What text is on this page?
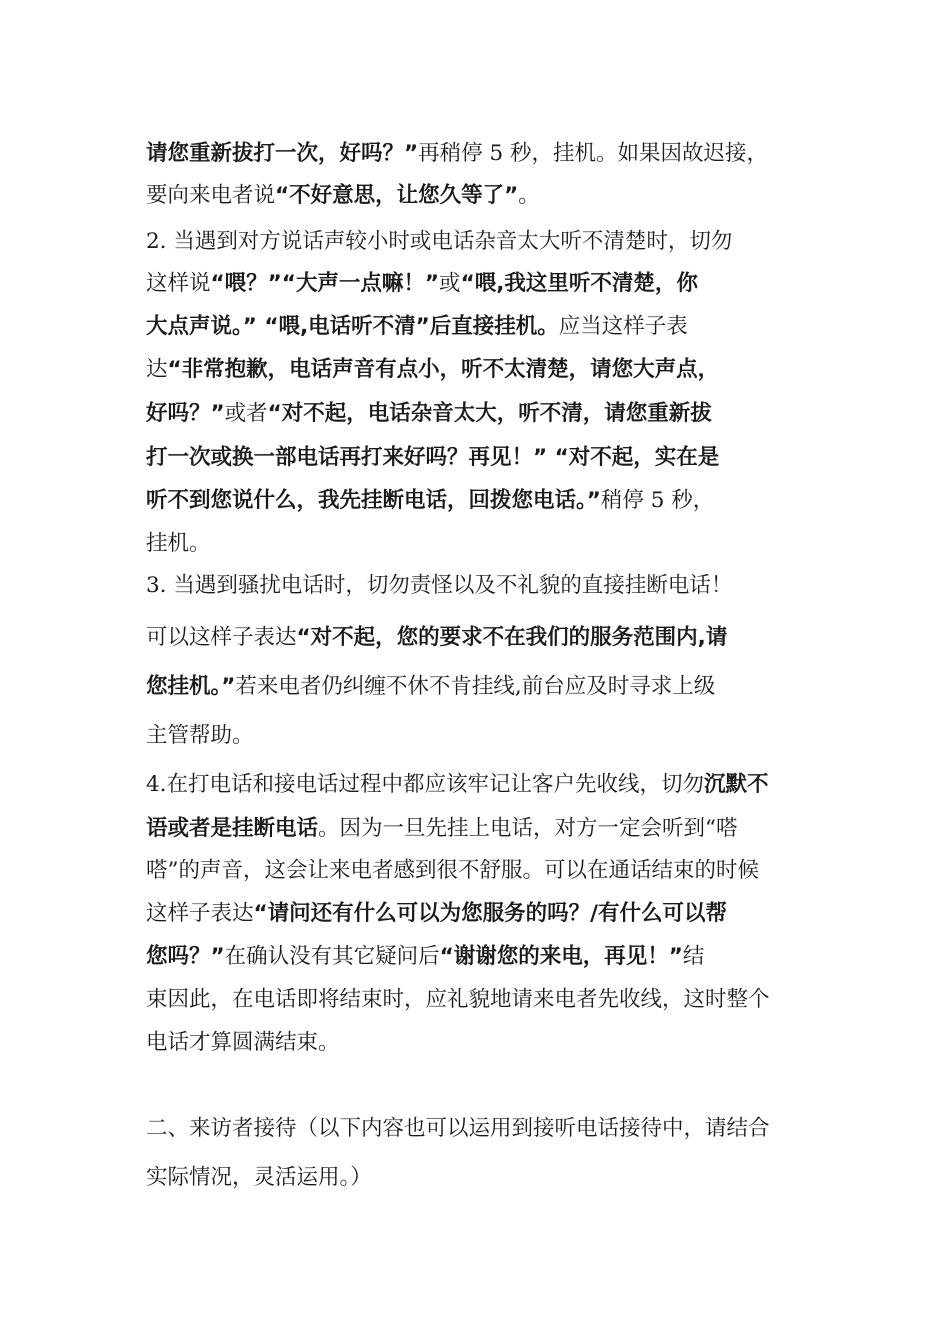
请您重新拔打一次，好吗？”再稍停 5 秒，挂机。如果因故迟接，
要向来电者说“不好意思，让您久等了”。
2. 当遇到对方说话声较小时或电话杂音太大听不清楚时，切勿
这样说“喂？”“大声一点嘛！”或“喂,我这里听不清楚，你
大点声说。” “喂,电话听不清”后直接挂机。应当这样子表
达“非常抱歉，电话声音有点小，听不太清楚，请您大声点，
好吗？”或者“对不起，电话杂音太大，听不清，请您重新拔
打一次或换一部电话再打来好吗？再见！” “对不起，实在是
听不到您说什么，我先挂断电话，回拨您电话。”稍停 5 秒，
挂机。
3. 当遇到骚扰电话时，切勿责怪以及不礼貌的直接挂断电话！
可以这样子表达“对不起，您的要求不在我们的服务范围内,请
您挂机。”若来电者仍纠缠不休不肯挂线,前台应及时寻求上级
主管帮助。
4.在打电话和接电话过程中都应该牢记让客户先收线，切勿沉默不
语或者是挂断电话。因为一旦先挂上电话，对方一定会听到“嗒
嗒”的声音，这会让来电者感到很不舒服。可以在通话结束的时候
这样子表达“请问还有什么可以为您服务的吗？/有什么可以帮
您吗？”在确认没有其它疑问后“谢谢您的来电，再见！”结
束因此，在电话即将结束时，应礼貌地请来电者先收线，这时整个
电话才算圆满结束。
二、来访者接待（以下内容也可以运用到接听电话接待中，请结合
实际情况，灵活运用。）
